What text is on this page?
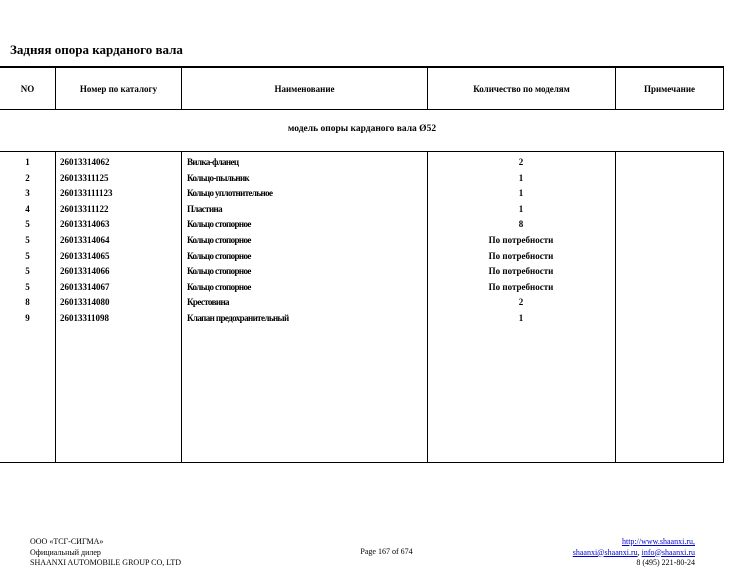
Задняя опора карданого вала
NO	Номер по каталогу	Наименование	Количество по моделям	Примечание
модель опоры карданого вала Ø52
1	26013314062	Вилка-фланец	2
2	26013311125	Кольцо-пыльник	1
3	260133111123	Кольцо уплотнительное	1
4	26013311122	Пластина	1
5	26013314063	Кольцо стопорное	8
5	26013314064	Кольцо стопорное	По потребности
5	26013314065	Кольцо стопорное	По потребности
5	26013314066	Кольцо стопорное	По потребности
5	26013314067	Кольцо стопорное	По потребности
8	26013314080	Крестовина	2
9	26013311098	Клапан предохранительный	1
ООО «ТСГ-СИГМА»
Официальный дилер
SHAANXI AUTOMOBILE GROUP CO, LTD
Page 167 of 674
http://www.shaanxi.ru,
shaanxi@shaanxi.ru, info@shaanxi.ru
8 (495) 221-80-24
